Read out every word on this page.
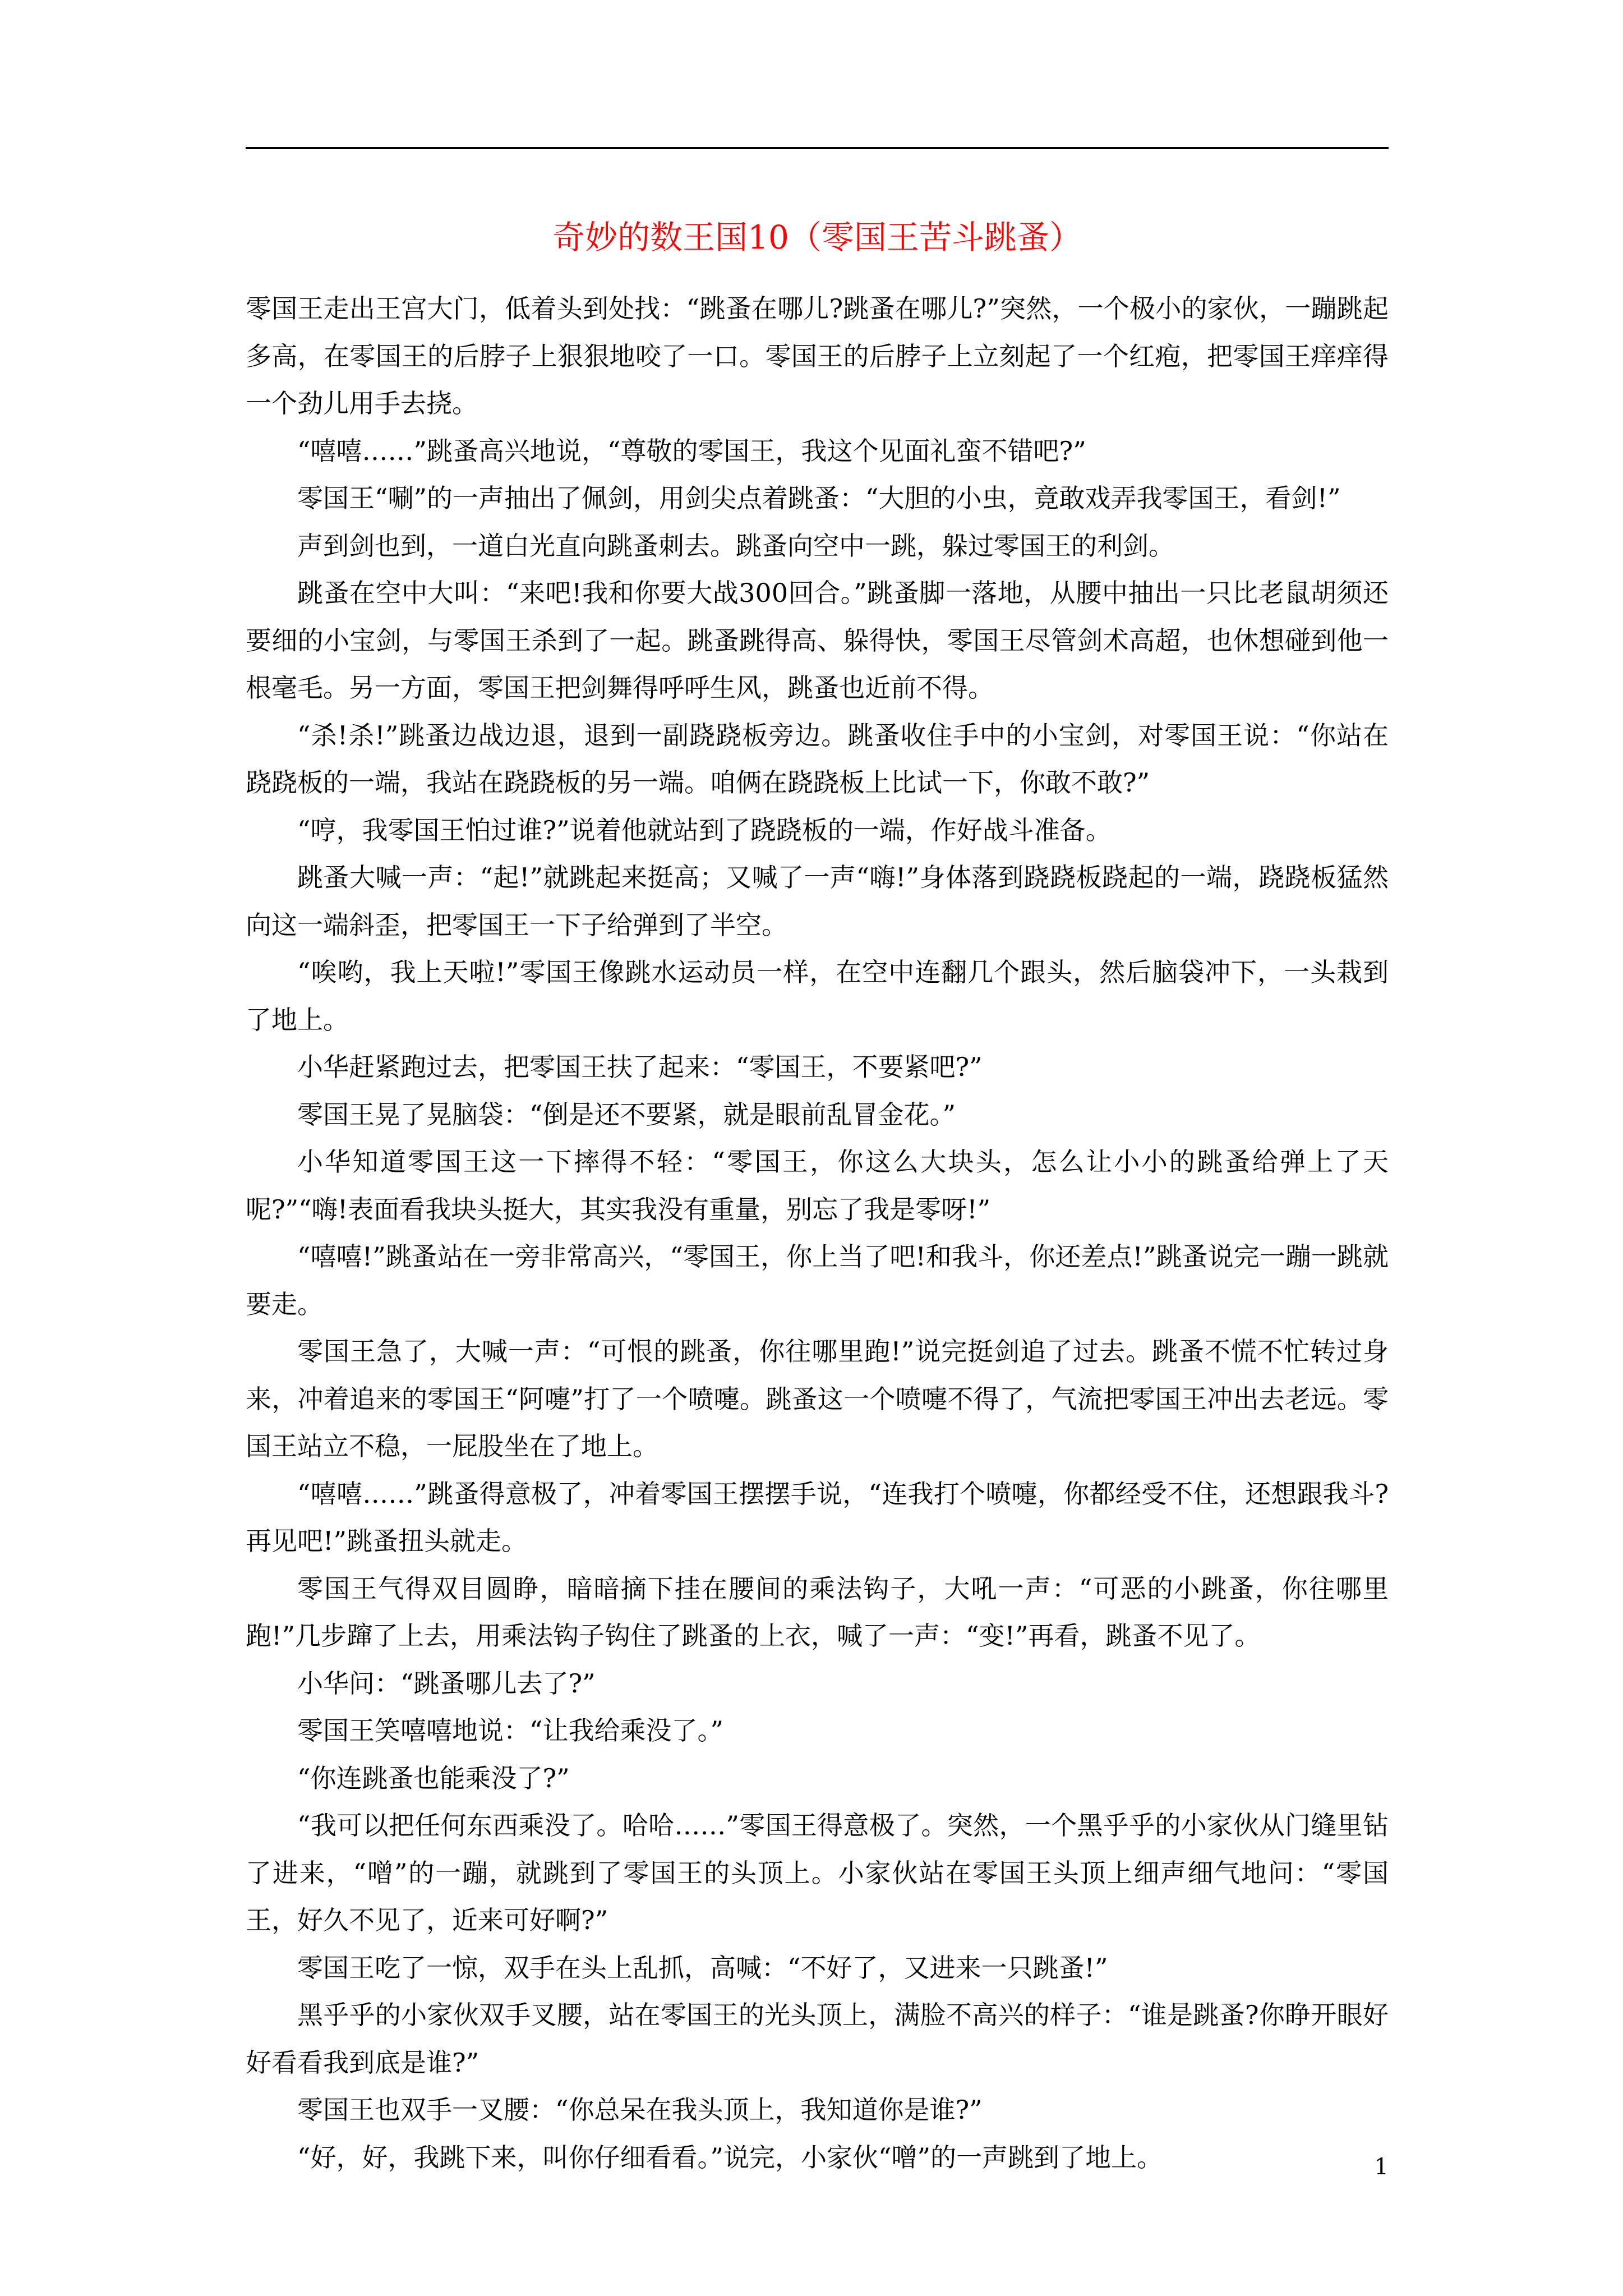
奇妙的数王国10（零国王苦斗跳蚤）

零国王走出王宫大门，低着头到处找：“跳蚤在哪儿?跳蚤在哪儿?”突然，一个极小的家伙，一蹦跳起多高，在零国王的后脖子上狠狠地咬了一口。零国王的后脖子上立刻起了一个红疱，把零国王痒痒得一个劲儿用手去挠。

“嘻嘻……”跳蚤高兴地说，“尊敬的零国王，我这个见面礼蛮不错吧?”

零国王“唰”的一声抽出了佩剑，用剑尖点着跳蚤：“大胆的小虫，竟敢戏弄我零国王，看剑!”

声到剑也到，一道白光直向跳蚤刺去。跳蚤向空中一跳，躲过零国王的利剑。

跳蚤在空中大叫：“来吧!我和你要大战300回合。”跳蚤脚一落地，从腰中抽出一只比老鼠胡须还要细的小宝剑，与零国王杀到了一起。跳蚤跳得高、躲得快，零国王尽管剑术高超，也休想碰到他一根毫毛。另一方面，零国王把剑舞得呼呼生风，跳蚤也近前不得。

“杀!杀!”跳蚤边战边退，退到一副跷跷板旁边。跳蚤收住手中的小宝剑，对零国王说：“你站在跷跷板的一端，我站在跷跷板的另一端。咱俩在跷跷板上比试一下，你敢不敢?”

“哼，我零国王怕过谁?”说着他就站到了跷跷板的一端，作好战斗准备。

跳蚤大喊一声：“起!”就跳起来挺高；又喊了一声“嗨!”身体落到跷跷板跷起的一端，跷跷板猛然向这一端斜歪，把零国王一下子给弹到了半空。

“唉哟，我上天啦!”零国王像跳水运动员一样，在空中连翻几个跟头，然后脑袋冲下，一头栽到了地上。

小华赶紧跑过去，把零国王扶了起来：“零国王，不要紧吧?”

零国王晃了晃脑袋：“倒是还不要紧，就是眼前乱冒金花。”

小华知道零国王这一下摔得不轻：“零国王，你这么大块头，怎么让小小的跳蚤给弹上了天呢?”“嗨!表面看我块头挺大，其实我没有重量，别忘了我是零呀!”

“嘻嘻!”跳蚤站在一旁非常高兴，“零国王，你上当了吧!和我斗，你还差点!”跳蚤说完一蹦一跳就要走。

零国王急了，大喊一声：“可恨的跳蚤，你往哪里跑!”说完挺剑追了过去。跳蚤不慌不忙转过身来，冲着追来的零国王“阿嚏”打了一个喷嚏。跳蚤这一个喷嚏不得了，气流把零国王冲出去老远。零国王站立不稳，一屁股坐在了地上。

“嘻嘻……”跳蚤得意极了，冲着零国王摆摆手说，“连我打个喷嚏，你都经受不住，还想跟我斗?再见吧!”跳蚤扭头就走。

零国王气得双目圆睁，暗暗摘下挂在腰间的乘法钩子，大吼一声：“可恶的小跳蚤，你往哪里跑!”几步蹿了上去，用乘法钩子钩住了跳蚤的上衣，喊了一声：“变!”再看，跳蚤不见了。

小华问：“跳蚤哪儿去了?”

零国王笑嘻嘻地说：“让我给乘没了。”

“你连跳蚤也能乘没了?”

“我可以把任何东西乘没了。哈哈……”零国王得意极了。突然，一个黑乎乎的小家伙从门缝里钻了进来，“噌”的一蹦，就跳到了零国王的头顶上。小家伙站在零国王头顶上细声细气地问：“零国王，好久不见了，近来可好啊?”

零国王吃了一惊，双手在头上乱抓，高喊：“不好了，又进来一只跳蚤!”

黑乎乎的小家伙双手叉腰，站在零国王的光头顶上，满脸不高兴的样子：“谁是跳蚤?你睁开眼好好看看我到底是谁?”

零国王也双手一叉腰：“你总呆在我头顶上，我知道你是谁?”

“好，好，我跳下来，叫你仔细看看。”说完，小家伙“噌”的一声跳到了地上。	1
